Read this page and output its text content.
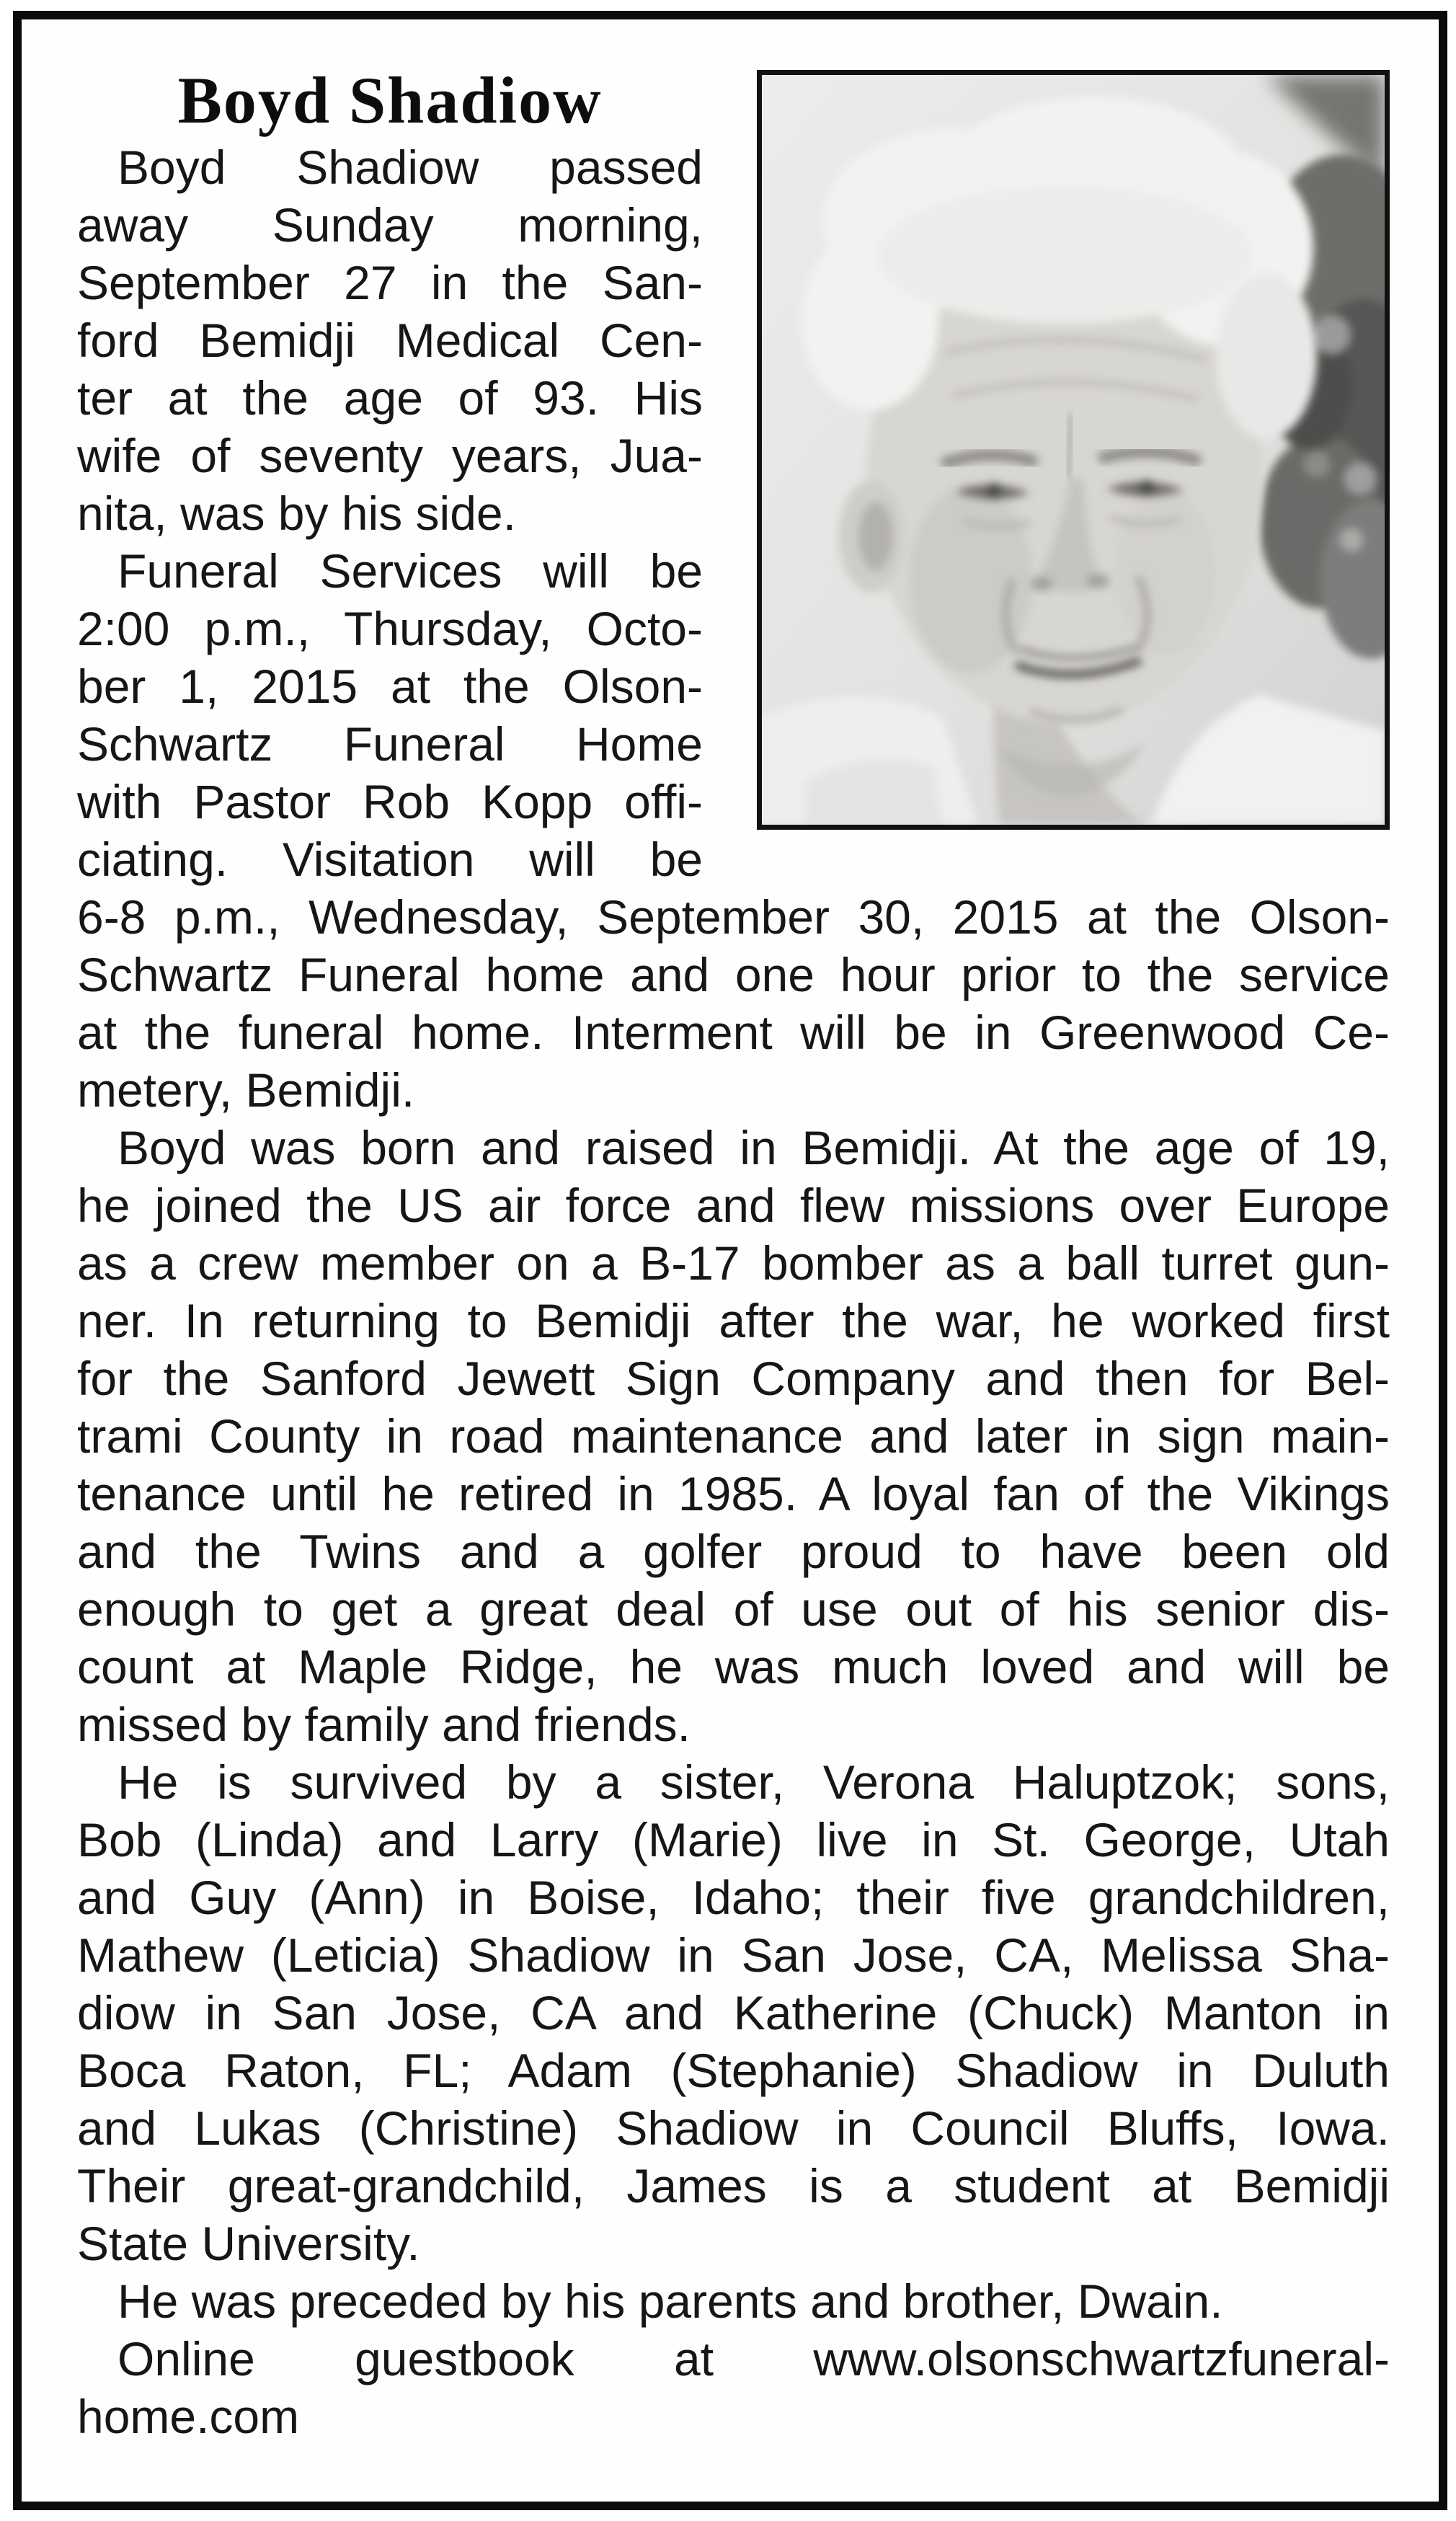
Boyd Shadiow
Boyd Shadiow passed
away Sunday morning,
September 27 in the San-
ford Bemidji Medical Cen-
ter at the age of 93. His
wife of seventy years, Jua-
nita, was by his side.
Funeral Services will be
2:00 p.m., Thursday, Octo-
ber 1, 2015 at the Olson-
Schwartz Funeral Home
with Pastor Rob Kopp offi-
ciating. Visitation will be
6-8 p.m., Wednesday, September 30, 2015 at the Olson-
Schwartz Funeral home and one hour prior to the service
at the funeral home. Interment will be in Greenwood Ce-
metery, Bemidji.
Boyd was born and raised in Bemidji. At the age of 19,
he joined the US air force and flew missions over Europe
as a crew member on a B-17 bomber as a ball turret gun-
ner. In returning to Bemidji after the war, he worked first
for the Sanford Jewett Sign Company and then for Bel-
trami County in road maintenance and later in sign main-
tenance until he retired in 1985. A loyal fan of the Vikings
and the Twins and a golfer proud to have been old
enough to get a great deal of use out of his senior dis-
count at Maple Ridge, he was much loved and will be
missed by family and friends.
He is survived by a sister, Verona Haluptzok; sons,
Bob (Linda) and Larry (Marie) live in St. George, Utah
and Guy (Ann) in Boise, Idaho; their five grandchildren,
Mathew (Leticia) Shadiow in San Jose, CA, Melissa Sha-
diow in San Jose, CA and Katherine (Chuck) Manton in
Boca Raton, FL; Adam (Stephanie) Shadiow in Duluth
and Lukas (Christine) Shadiow in Council Bluffs, Iowa.
Their great-grandchild, James is a student at Bemidji
State University.
He was preceded by his parents and brother, Dwain.
Online guestbook at www.olsonschwartzfuneral-
home.com
